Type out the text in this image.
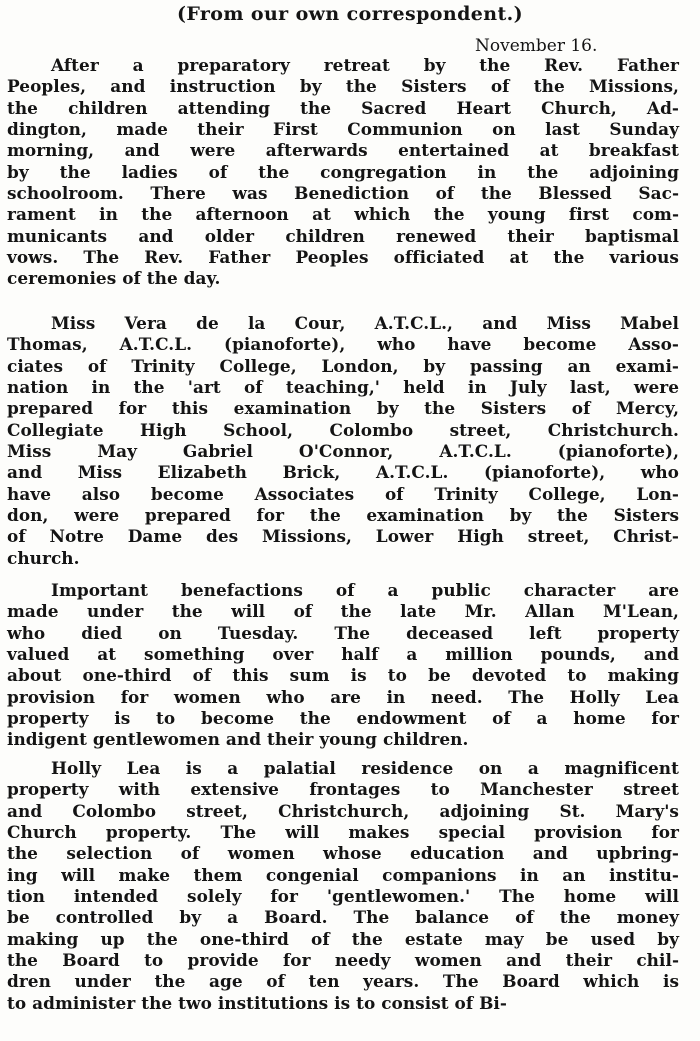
(From our own correspondent.)
November 16.
After a preparatory retreat by the Rev. Father
Peoples, and instruction by the Sisters of the Missions,
the children attending the Sacred Heart Church, Ad-
dington, made their First Communion on last Sunday
morning, and were afterwards entertained at breakfast
by the ladies of the congregation in the adjoining
schoolroom. There was Benediction of the Blessed Sac-
rament in the afternoon at which the young first com-
municants and older children renewed their baptismal
vows. The Rev. Father Peoples officiated at the various
ceremonies of the day.
Miss Vera de la Cour, A.T.C.L., and Miss Mabel
Thomas, A.T.C.L. (pianoforte), who have become Asso-
ciates of Trinity College, London, by passing an exami-
nation in the 'art of teaching,' held in July last, were
prepared for this examination by the Sisters of Mercy,
Collegiate High School, Colombo street, Christchurch.
Miss May Gabriel O'Connor, A.T.C.L. (pianoforte),
and Miss Elizabeth Brick, A.T.C.L. (pianoforte), who
have also become Associates of Trinity College, Lon-
don, were prepared for the examination by the Sisters
of Notre Dame des Missions, Lower High street, Christ-
church.
Important benefactions of a public character are
made under the will of the late Mr. Allan M'Lean,
who died on Tuesday. The deceased left property
valued at something over half a million pounds, and
about one-third of this sum is to be devoted to making
provision for women who are in need. The Holly Lea
property is to become the endowment of a home for
indigent gentlewomen and their young children.
Holly Lea is a palatial residence on a magnificent
property with extensive frontages to Manchester street
and Colombo street, Christchurch, adjoining St. Mary's
Church property. The will makes special provision for
the selection of women whose education and upbring-
ing will make them congenial companions in an institu-
tion intended solely for 'gentlewomen.' The home will
be controlled by a Board. The balance of the money
making up the one-third of the estate may be used by
the Board to provide for needy women and their chil-
dren under the age of ten years. The Board which is
to administer the two institutions is to consist of Bi-
